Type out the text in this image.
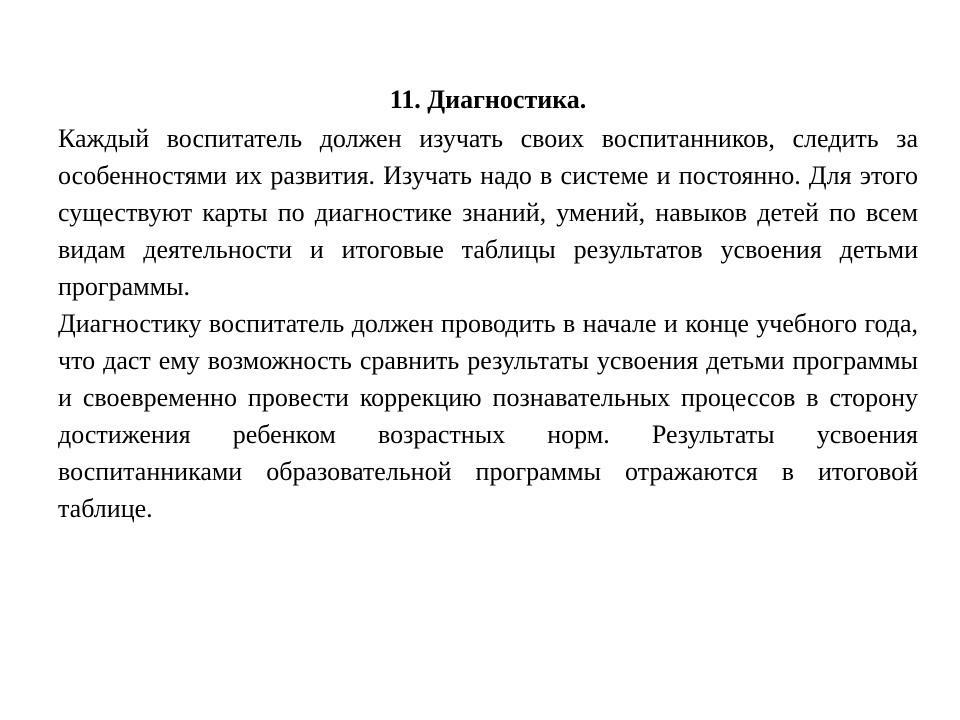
11. Диагностика.

Каждый воспитатель должен изучать своих воспитанников, следить за особенностями их развития. Изучать надо в системе и постоянно. Для этого существуют карты по диагностике знаний, умений, навыков детей по всем видам деятельности и итоговые таблицы результатов усвоения детьми программы.

Диагностику воспитатель должен проводить в начале и конце учебного года, что даст ему возможность сравнить результаты усвоения детьми программы и своевременно провести коррекцию познавательных процессов в сторону достижения ребенком возрастных норм. Результаты усвоения воспитанниками образовательной программы отражаются в итоговой таблице.
